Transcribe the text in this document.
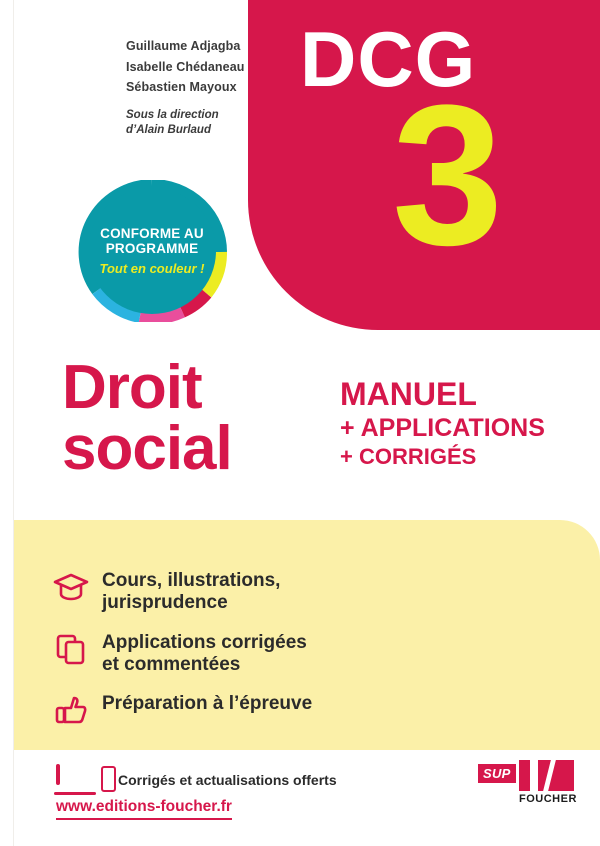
DCG
3
Guillaume Adjagba
Isabelle Chédaneau
Sébastien Mayoux
Sous la direction
d’Alain Burlaud
CONFORME AU
PROGRAMME
Tout en couleur !
Droit
social
MANUEL
+ APPLICATIONS
+ CORRIGÉS
Cours, illustrations,
jurisprudence
Applications corrigées
et commentées
Préparation à l’épreuve
Corrigés et actualisations offerts
www.editions-foucher.fr
SUP
FOUCHER
